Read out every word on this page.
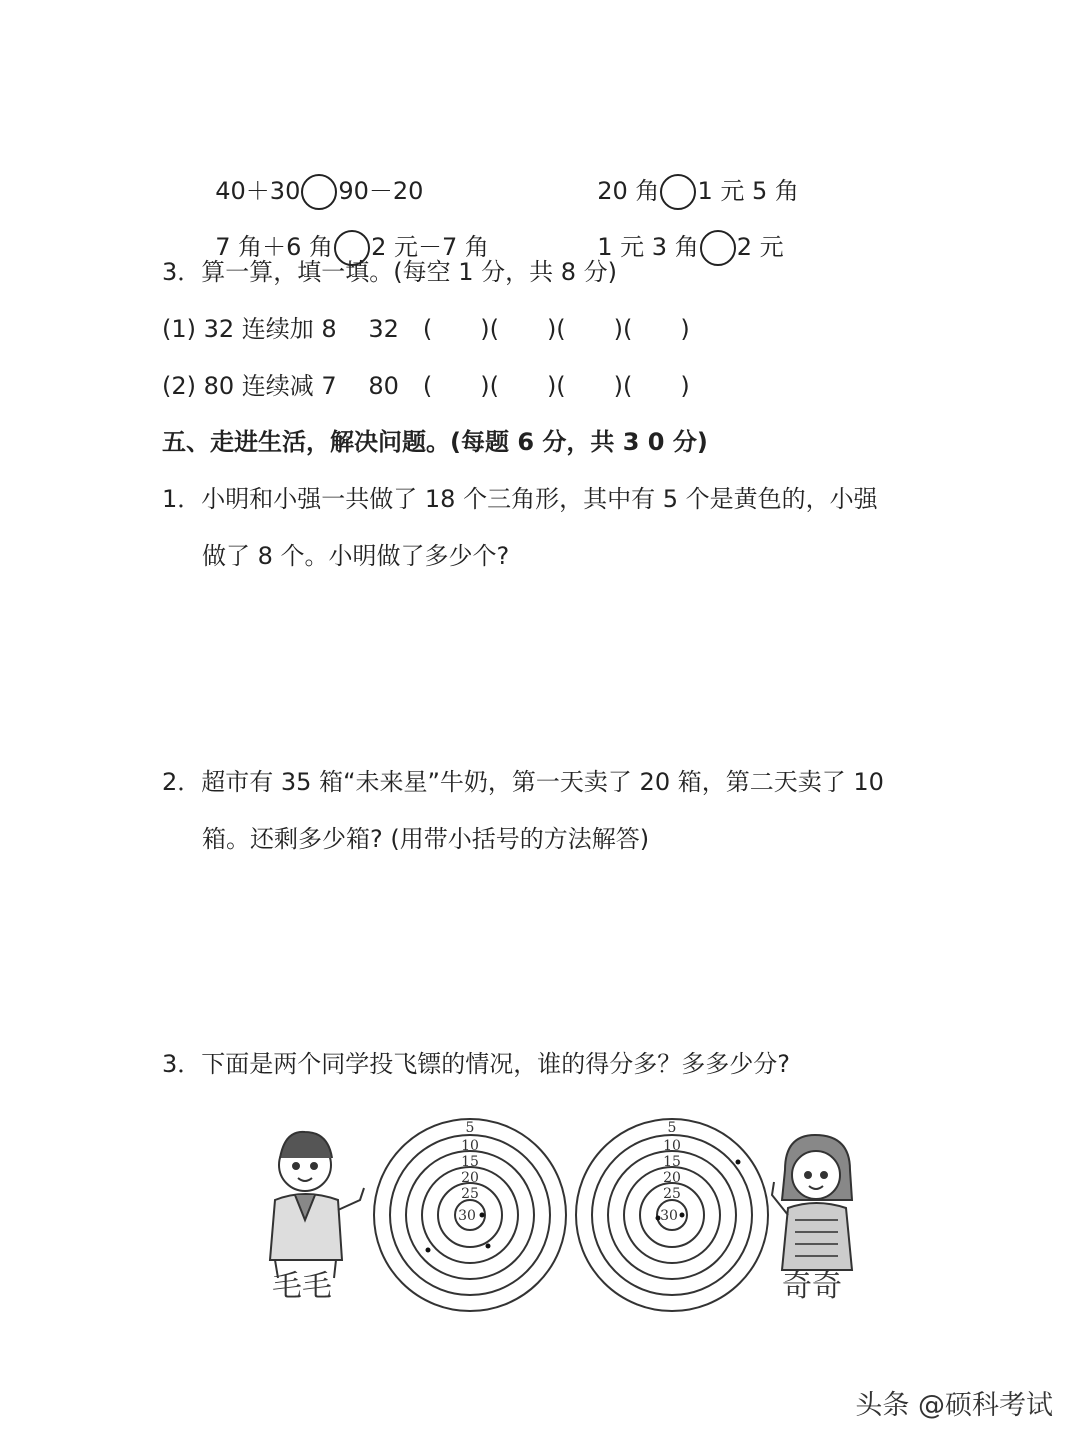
40＋30 90－20	20 角 1 元 5 角

7 角＋6 角 2 元－7 角	1 元 3 角 2 元

3．算一算，填一填。(每空 1 分，共 8 分)
(1) 32 连续加 8　 32　(　　)(　　)(　　)(　　)
(2) 80 连续减 7　 80　(　　)(　　)(　　)(　　)
五、走进生活，解决问题。(每题 6 分，共 3 0 分)
1．小明和小强一共做了 18 个三角形，其中有 5 个是黄色的，小强
做了 8 个。小明做了多少个?
2．超市有 35 箱“未来星”牛奶，第一天卖了 20 箱，第二天卖了 10
箱。还剩多少箱? (用带小括号的方法解答)
3．下面是两个同学投飞镖的情况，谁的得分多？多多少分?
毛毛
5
10
15
20
25
30
5
10
15
20
25
30
奇奇
头条 @硕科考试
